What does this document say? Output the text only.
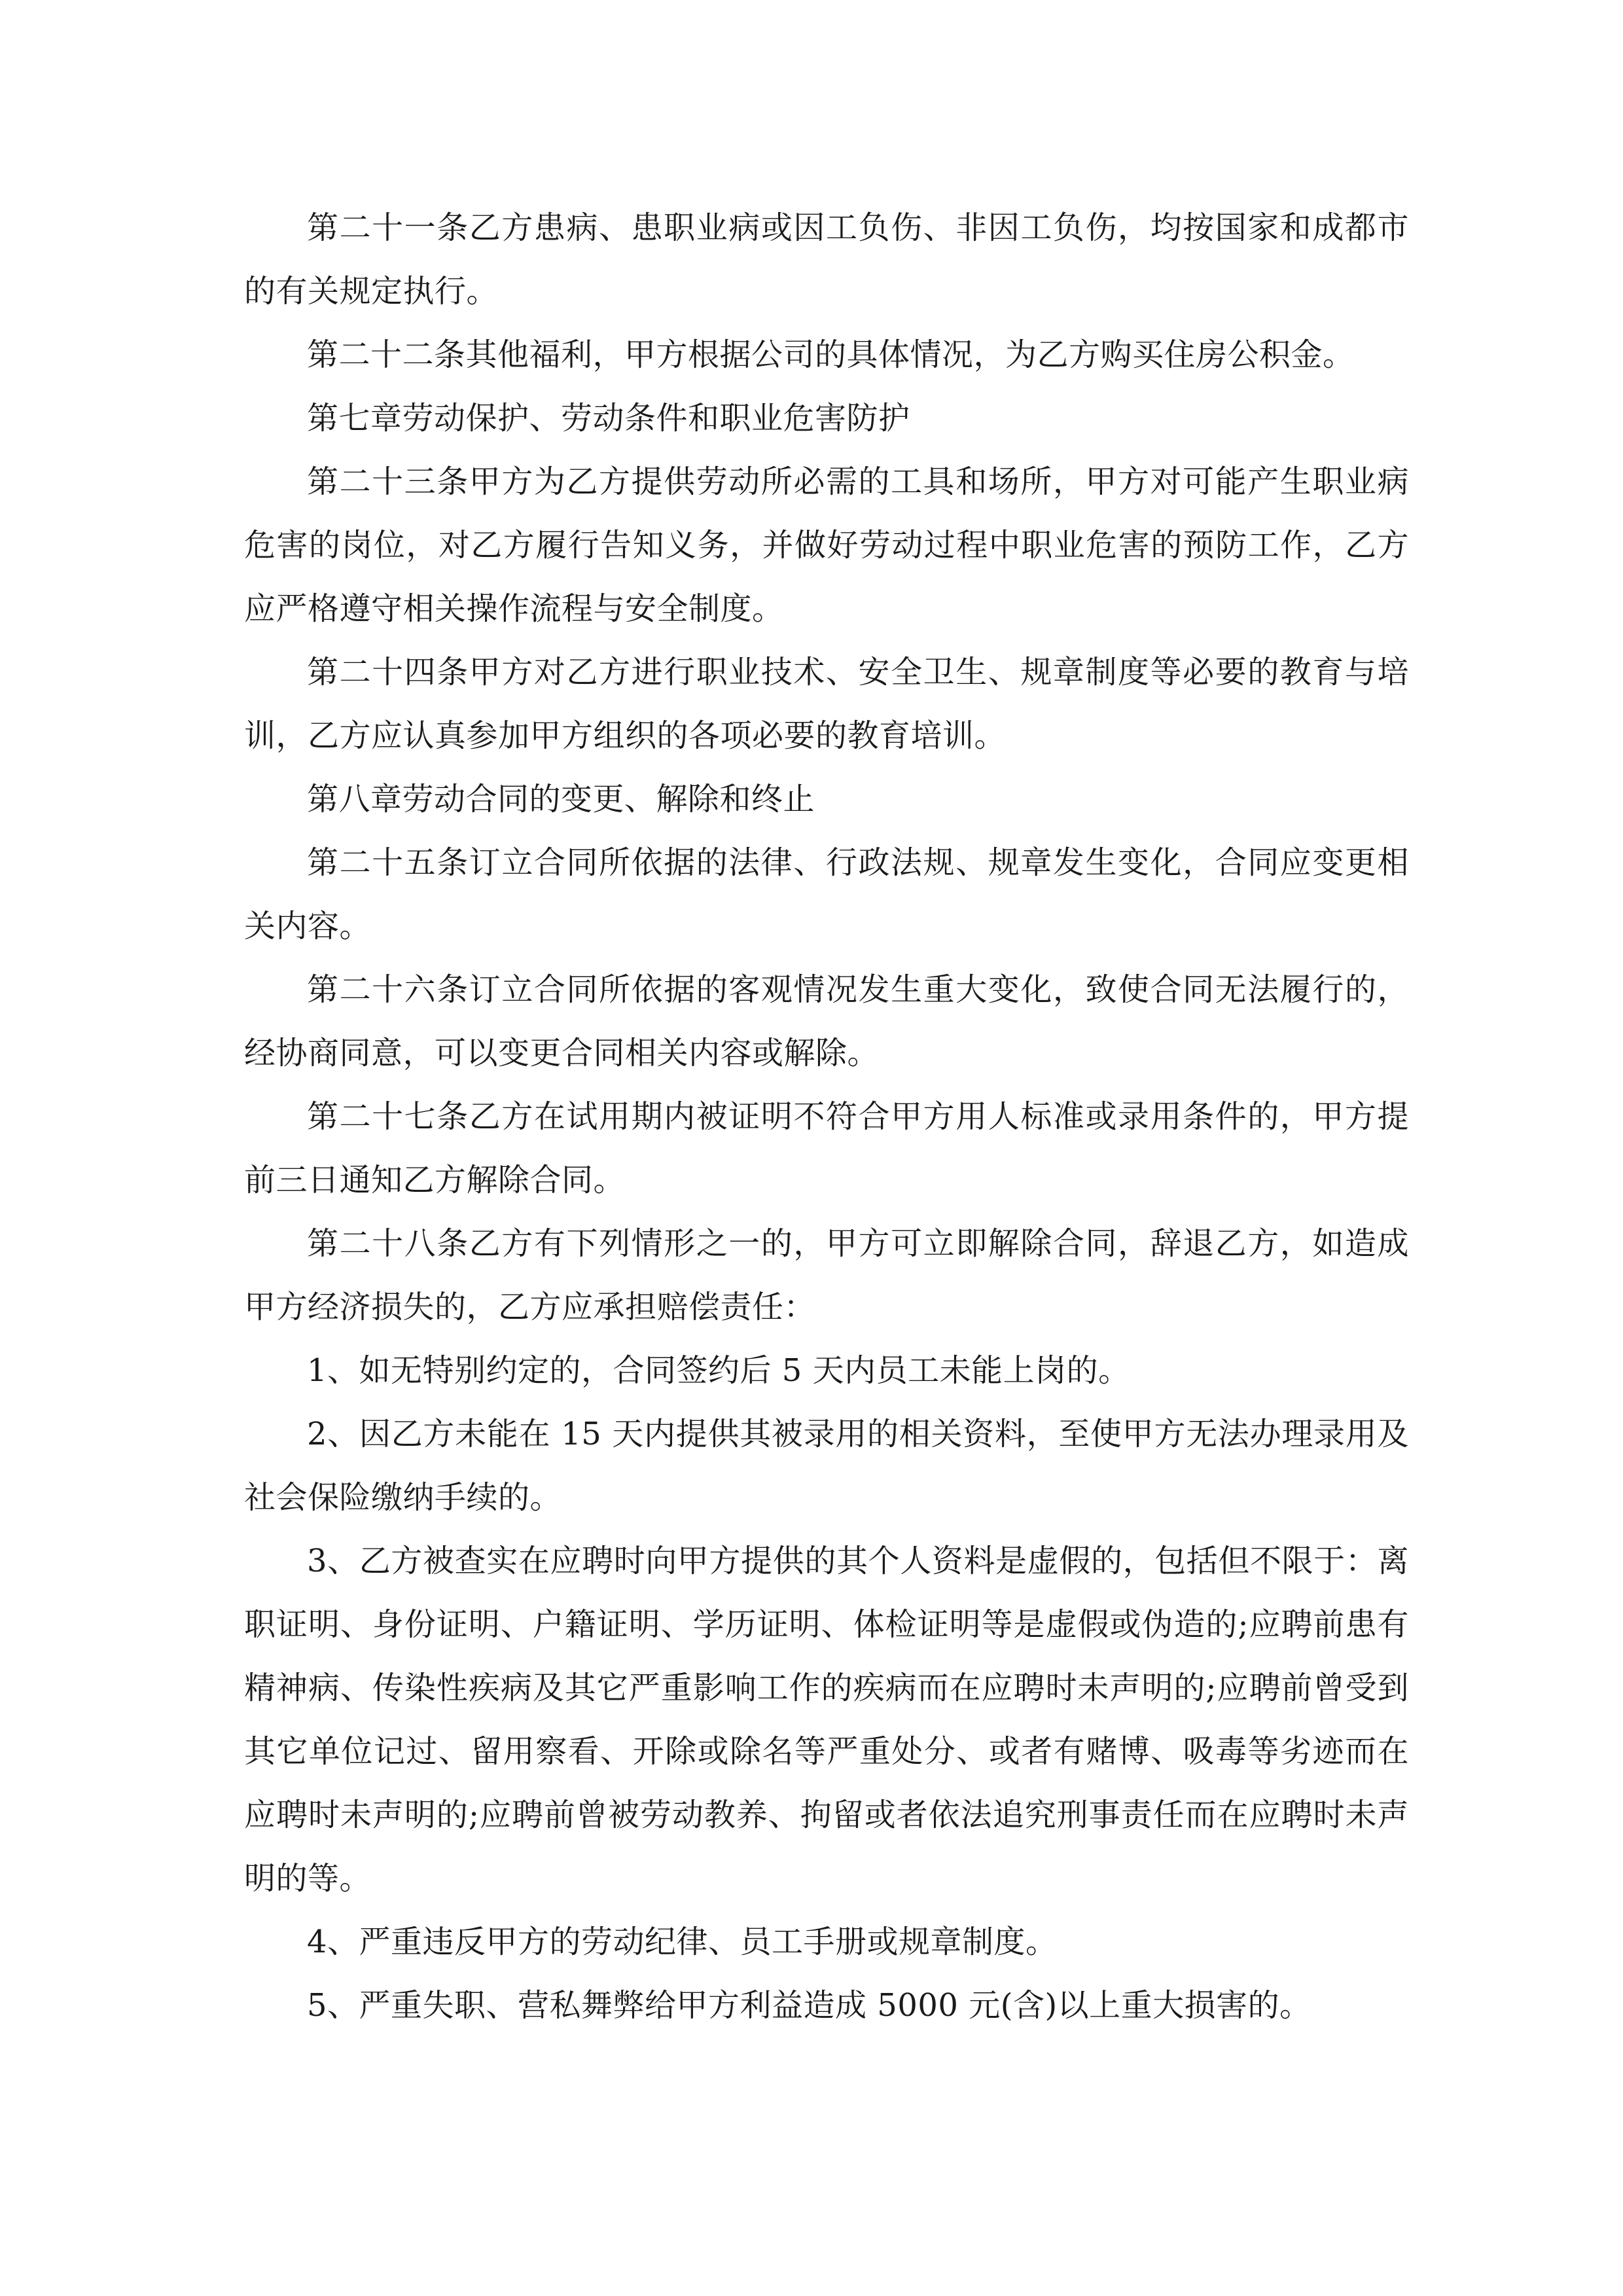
第二十一条乙方患病、患职业病或因工负伤、非因工负伤，均按国家和成都市的有关规定执行。

第二十二条其他福利，甲方根据公司的具体情况，为乙方购买住房公积金。

第七章劳动保护、劳动条件和职业危害防护

第二十三条甲方为乙方提供劳动所必需的工具和场所，甲方对可能产生职业病危害的岗位，对乙方履行告知义务，并做好劳动过程中职业危害的预防工作，乙方应严格遵守相关操作流程与安全制度。

第二十四条甲方对乙方进行职业技术、安全卫生、规章制度等必要的教育与培训，乙方应认真参加甲方组织的各项必要的教育培训。

第八章劳动合同的变更、解除和终止

第二十五条订立合同所依据的法律、行政法规、规章发生变化，合同应变更相关内容。

第二十六条订立合同所依据的客观情况发生重大变化，致使合同无法履行的，经协商同意，可以变更合同相关内容或解除。

第二十七条乙方在试用期内被证明不符合甲方用人标准或录用条件的，甲方提前三日通知乙方解除合同。

第二十八条乙方有下列情形之一的，甲方可立即解除合同，辞退乙方，如造成甲方经济损失的，乙方应承担赔偿责任：

1、如无特别约定的，合同签约后 5 天内员工未能上岗的。

2、因乙方未能在 15 天内提供其被录用的相关资料，至使甲方无法办理录用及社会保险缴纳手续的。

3、乙方被查实在应聘时向甲方提供的其个人资料是虚假的，包括但不限于：离职证明、身份证明、户籍证明、学历证明、体检证明等是虚假或伪造的;应聘前患有精神病、传染性疾病及其它严重影响工作的疾病而在应聘时未声明的;应聘前曾受到其它单位记过、留用察看、开除或除名等严重处分、或者有赌博、吸毒等劣迹而在应聘时未声明的;应聘前曾被劳动教养、拘留或者依法追究刑事责任而在应聘时未声明的等。

4、严重违反甲方的劳动纪律、员工手册或规章制度。

5、严重失职、营私舞弊给甲方利益造成 5000 元(含)以上重大损害的。
